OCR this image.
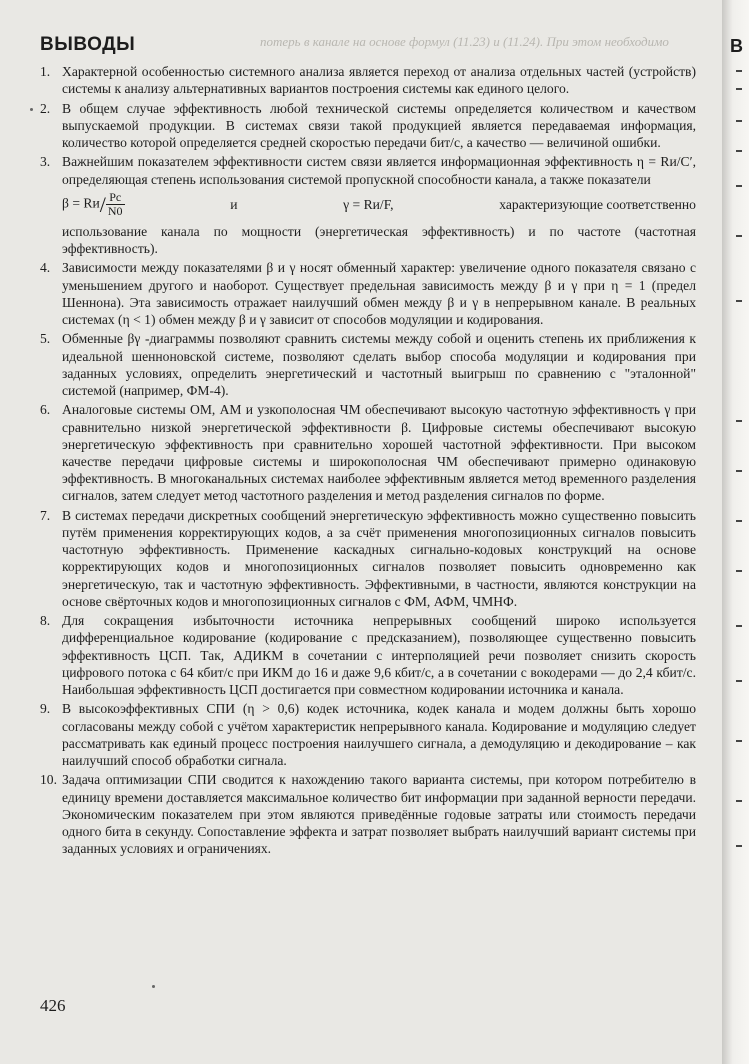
потерь в канале на основе формул (11.23) и (11.24). При этом необходимо
ВЫВОДЫ
1. Характерной особенностью системного анализа является переход от анализа отдельных частей (устройств) системы к анализу альтернативных вариантов построения системы как единого целого.
2. В общем случае эффективность любой технической системы определяется количеством и качеством выпускаемой продукции. В системах связи такой продукцией является передаваемая информация, количество которой определяется средней скоростью передачи бит/с, а качество — величиной ошибки.
3. Важнейшим показателем эффективности систем связи является информационная эффективность η = Rи/C′, определяющая степень использования системой пропускной способности канала, а также показатели
$\beta = Rи/ \frac{Pc}{N0}$	и	γ = Rи/F,	характеризующие соответственно
использование канала по мощности (энергетическая эффективность) и по частоте (частотная эффективность).
4. Зависимости между показателями β и γ носят обменный характер: увеличение одного показателя связано с уменьшением другого и наоборот. Существует предельная зависимость между β и γ при η = 1 (предел Шеннона). Эта зависимость отражает наилучший обмен между β и γ в непрерывном канале. В реальных системах (η < 1) обмен между β и γ зависит от способов модуляции и кодирования.
5. Обменные βγ -диаграммы позволяют сравнить системы между собой и оценить степень их приближения к идеальной шенноновской системе, позволяют сделать выбор способа модуляции и кодирования при заданных условиях, определить энергетический и частотный выигрыш по сравнению с "эталонной" системой (например, ФМ-4).
6. Аналоговые системы ОМ, АМ и узкополосная ЧМ обеспечивают высокую частотную эффективность γ при сравнительно низкой энергетической эффективности β. Цифровые системы обеспечивают высокую энергетическую эффективность при сравнительно хорошей частотной эффективности. При высоком качестве передачи цифровые системы и широкополосная ЧМ обеспечивают примерно одинаковую эффективность. В многоканальных системах наиболее эффективным является метод временного разделения сигналов, затем следует метод частотного разделения и метод разделения сигналов по форме.
7. В системах передачи дискретных сообщений энергетическую эффективность можно существенно повысить путём применения корректирующих кодов, а за счёт применения многопозиционных сигналов повысить частотную эффективность. Применение каскадных сигнально-кодовых конструкций на основе корректирующих кодов и многопозиционных сигналов позволяет повысить одновременно как энергетическую, так и частотную эффективность. Эффективными, в частности, являются конструкции на основе свёрточных кодов и многопозиционных сигналов с ФМ, АФМ, ЧМНФ.
8. Для сокращения избыточности источника непрерывных сообщений широко используется дифференциальное кодирование (кодирование с предсказанием), позволяющее существенно повысить эффективность ЦСП. Так, АДИКМ в сочетании с интерполяцией речи позволяет снизить скорость цифрового потока с 64 кбит/с при ИКМ до 16 и даже 9,6 кбит/с, а в сочетании с вокодерами — до 2,4 кбит/с. Наибольшая эффективность ЦСП достигается при совместном кодировании источника и канала.
9. В высокоэффективных СПИ (η > 0,6) кодек источника, кодек канала и модем должны быть хорошо согласованы между собой с учётом характеристик непрерывного канала. Кодирование и модуляцию следует рассматривать как единый процесс построения наилучшего сигнала, а демодуляцию и декодирование – как наилучший способ обработки сигнала.
10. Задача оптимизации СПИ сводится к нахождению такого варианта системы, при котором потребителю в единицу времени доставляется максимальное количество бит информации при заданной верности передачи. Экономическим показателем при этом являются приведённые годовые затраты или стоимость передачи одного бита в секунду. Сопоставление эффекта и затрат позволяет выбрать наилучший вариант системы при заданных условиях и ограничениях.
426
В
